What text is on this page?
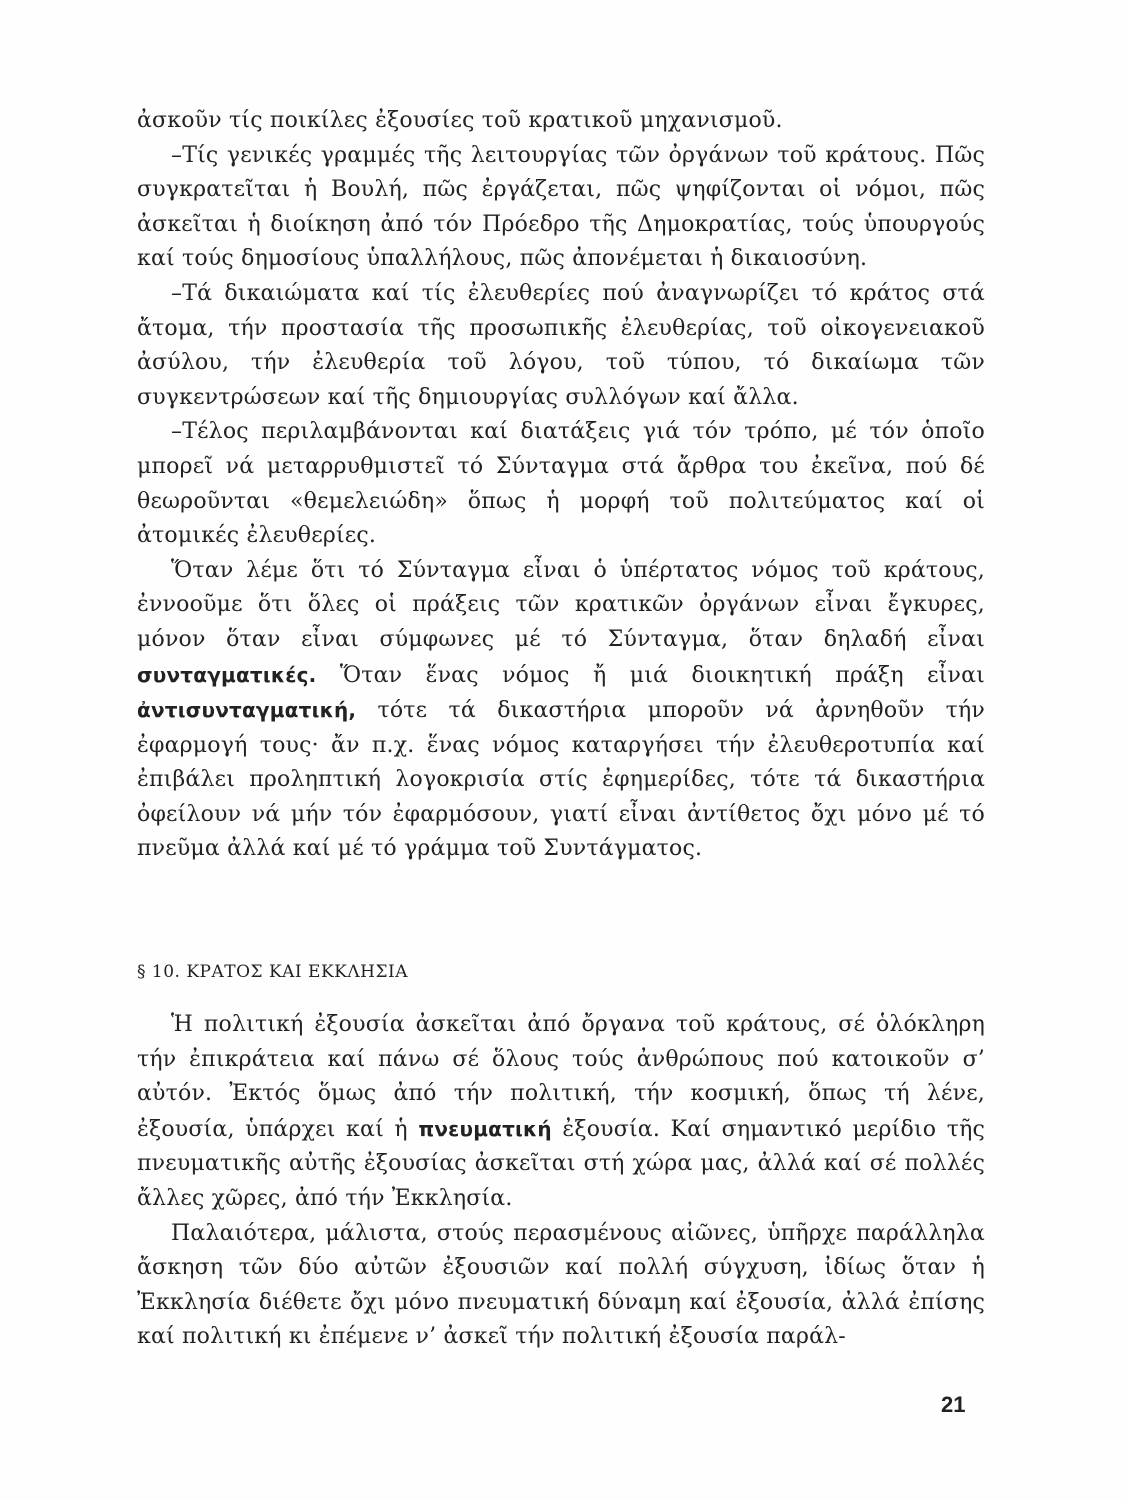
ἀσκοῦν τίς ποικίλες ἐξουσίες τοῦ κρατικοῦ μηχανισμοῦ.

–Τίς γενικές γραμμές τῆς λειτουργίας τῶν ὀργάνων τοῦ κράτους. Πῶς συγκρατεῖται ἡ Βουλή, πῶς ἐργάζεται, πῶς ψηφίζονται οἱ νόμοι, πῶς ἀσκεῖται ἡ διοίκηση ἀπό τόν Πρόεδρο τῆς Δημοκρατίας, τούς ὑπουργούς καί τούς δημοσίους ὑπαλλήλους, πῶς ἀπονέμεται ἡ δικαιοσύνη.

–Τά δικαιώματα καί τίς ἐλευθερίες πού ἀναγνωρίζει τό κράτος στά ἄτομα, τήν προστασία τῆς προσωπικῆς ἐλευθερίας, τοῦ οἰκογενειακοῦ ἀσύλου, τήν ἐλευθερία τοῦ λόγου, τοῦ τύπου, τό δικαίωμα τῶν συγκεντρώσεων καί τῆς δημιουργίας συλλόγων καί ἄλλα.

–Τέλος περιλαμβάνονται καί διατάξεις γιά τόν τρόπο, μέ τόν ὁποῖο μπορεῖ νά μεταρρυθμιστεῖ τό Σύνταγμα στά ἄρθρα του ἐκεῖνα, πού δέ θεωροῦνται «θεμελειώδη» ὅπως ἡ μορφή τοῦ πολιτεύματος καί οἱ ἀτομικές ἐλευθερίες.

Ὅταν λέμε ὅτι τό Σύνταγμα εἶναι ὁ ὑπέρτατος νόμος τοῦ κράτους, ἐννοοῦμε ὅτι ὅλες οἱ πράξεις τῶν κρατικῶν ὀργάνων εἶναι ἔγκυρες, μόνον ὅταν εἶναι σύμφωνες μέ τό Σύνταγμα, ὅταν δηλαδή εἶναι συνταγματικές. Ὅταν ἕνας νόμος ἤ μιά διοικητική πράξη εἶναι ἀντισυνταγματική, τότε τά δικαστήρια μποροῦν νά ἀρνηθοῦν τήν ἐφαρμογή τους· ἄν π.χ. ἕνας νόμος καταργήσει τήν ἐλευθεροτυπία καί ἐπιβάλει προληπτική λογοκρισία στίς ἐφημερίδες, τότε τά δικαστήρια ὀφείλουν νά μήν τόν ἐφαρμόσουν, γιατί εἶναι ἀντίθετος ὄχι μόνο μέ τό πνεῦμα ἀλλά καί μέ τό γράμμα τοῦ Συντάγματος.

§ 10. ΚΡΑΤΟΣ ΚΑΙ ΕΚΚΛΗΣΙΑ

Ἡ πολιτική ἐξουσία ἀσκεῖται ἀπό ὄργανα τοῦ κράτους, σέ ὁλόκληρη τήν ἐπικράτεια καί πάνω σέ ὅλους τούς ἀνθρώπους πού κατοικοῦν σ’ αὐτόν. Ἐκτός ὅμως ἀπό τήν πολιτική, τήν κοσμική, ὅπως τή λένε, ἐξουσία, ὑπάρχει καί ἡ πνευματική ἐξουσία. Καί σημαντικό μερίδιο τῆς πνευματικῆς αὐτῆς ἐξουσίας ἀσκεῖται στή χώρα μας, ἀλλά καί σέ πολλές ἄλλες χῶρες, ἀπό τήν Ἐκκλησία.

Παλαιότερα, μάλιστα, στούς περασμένους αἰῶνες, ὑπῆρχε παράλληλα ἄσκηση τῶν δύο αὐτῶν ἐξουσιῶν καί πολλή σύγχυση, ἰδίως ὅταν ἡ Ἐκκλησία διέθετε ὄχι μόνο πνευματική δύναμη καί ἐξουσία, ἀλλά ἐπίσης καί πολιτική κι ἐπέμενε ν’ ἀσκεῖ τήν πολιτική ἐξουσία παράλ-

21
